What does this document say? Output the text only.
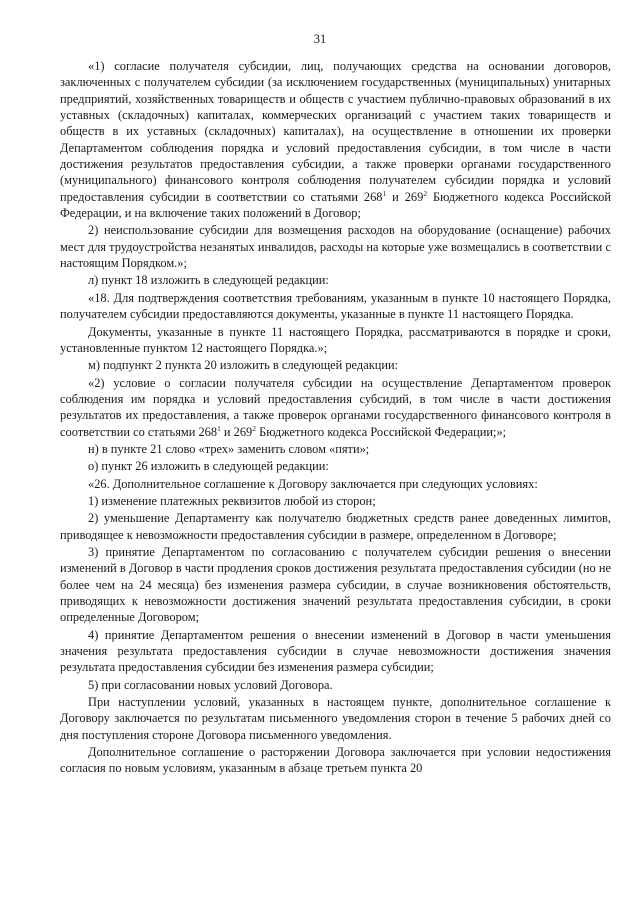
31

«1) согласие получателя субсидии, лиц, получающих средства на основании договоров, заключенных с получателем субсидии (за исключением государственных (муниципальных) унитарных предприятий, хозяйственных товариществ и обществ с участием публично-правовых образований в их уставных (складочных) капиталах, коммерческих организаций с участием таких товариществ и обществ в их уставных (складочных) капиталах), на осуществление в отношении их проверки Департаментом соблюдения порядка и условий предоставления субсидии, в том числе в части достижения результатов предоставления субсидии, а также проверки органами государственного (муниципального) финансового контроля соблюдения получателем субсидии порядка и условий предоставления субсидии в соответствии со статьями $268^1$ и $269^2$ Бюджетного кодекса Российской Федерации, и на включение таких положений в Договор;

2) неиспользование субсидии для возмещения расходов на оборудование (оснащение) рабочих мест для трудоустройства незанятых инвалидов, расходы на которые уже возмещались в соответствии с настоящим Порядком.»;

л) пункт 18 изложить в следующей редакции:

«18. Для подтверждения соответствия требованиям, указанным в пункте 10 настоящего Порядка, получателем субсидии предоставляются документы, указанные в пункте 11 настоящего Порядка.

Документы, указанные в пункте 11 настоящего Порядка, рассматриваются в порядке и сроки, установленные пунктом 12 настоящего Порядка.»;

м) подпункт 2 пункта 20 изложить в следующей редакции:

«2) условие о согласии получателя субсидии на осуществление Департаментом проверок соблюдения им порядка и условий предоставления субсидий, в том числе в части достижения результатов их предоставления, а также проверок органами государственного финансового контроля в соответствии со статьями $268^1$ и $269^2$ Бюджетного кодекса Российской Федерации;»;

н) в пункте 21 слово «трех» заменить словом «пяти»;

о) пункт 26 изложить в следующей редакции:

«26. Дополнительное соглашение к Договору заключается при следующих условиях:

1) изменение платежных реквизитов любой из сторон;

2) уменьшение Департаменту как получателю бюджетных средств ранее доведенных лимитов, приводящее к невозможности предоставления субсидии в размере, определенном в Договоре;

3) принятие Департаментом по согласованию с получателем субсидии решения о внесении изменений в Договор в части продления сроков достижения результата предоставления субсидии (но не более чем на 24 месяца) без изменения размера субсидии, в случае возникновения обстоятельств, приводящих к невозможности достижения значений результата предоставления субсидии, в сроки определенные Договором;

4) принятие Департаментом решения о внесении изменений в Договор в части уменьшения значения результата предоставления субсидии в случае невозможности достижения значения результата предоставления субсидии без изменения размера субсидии;

5) при согласовании новых условий Договора.

При наступлении условий, указанных в настоящем пункте, дополнительное соглашение к Договору заключается по результатам письменного уведомления сторон в течение 5 рабочих дней со дня поступления стороне Договора письменного уведомления.

Дополнительное соглашение о расторжении Договора заключается при условии недостижения согласия по новым условиям, указанным в абзаце третьем пункта 20
